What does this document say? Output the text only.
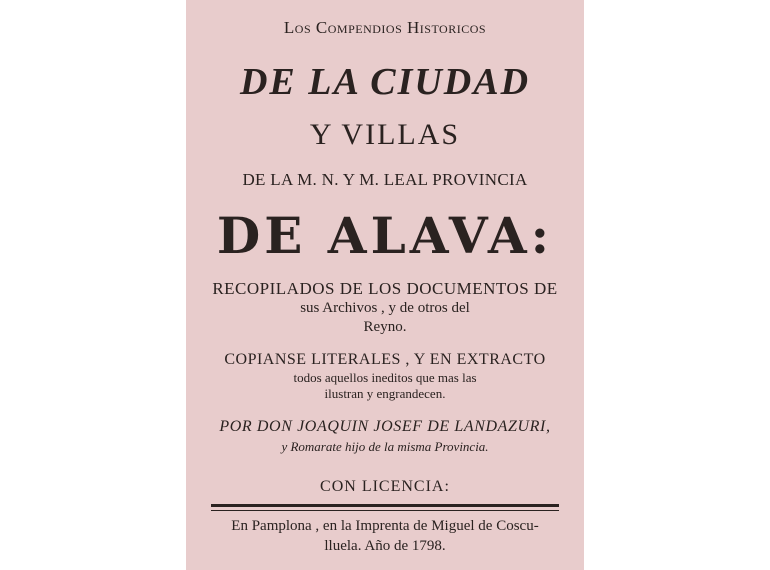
Los Compendios Historicos
DE LA CIUDAD
Y VILLAS
DE LA M. N. Y M. LEAL PROVINCIA
DE ALAVA:
RECOPILADOS DE LOS DOCUMENTOS DE
sus Archivos , y de otros del
Reyno.
COPIANSE LITERALES , Y EN EXTRACTO
todos aquellos ineditos que mas las
ilustran y engrandecen.
POR DON JOAQUIN JOSEF DE LANDAZURI,
y Romarate hijo de la misma Provincia.
CON LICENCIA:
En Pamplona , en la Imprenta de Miguel de Coscu-
lluela. Año de 1798.
